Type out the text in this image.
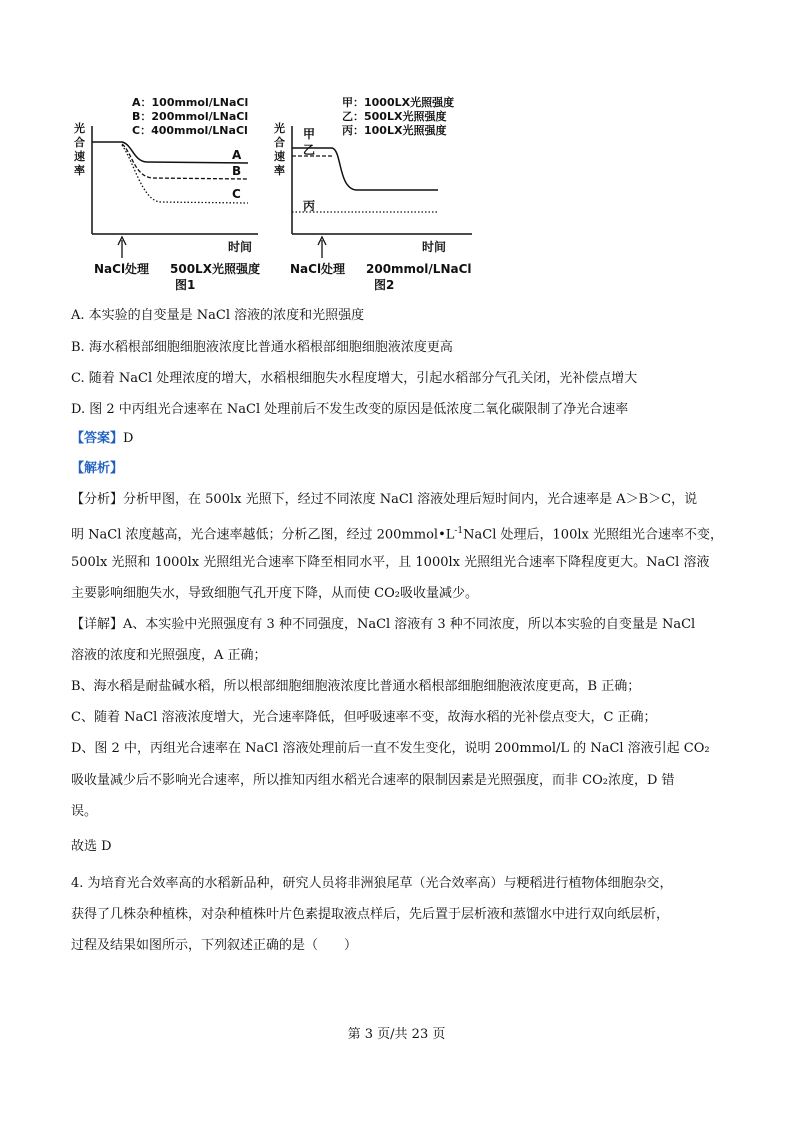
A：100mmol/LNaCl
B：200mmol/LNaCl
C：400mmol/LNaCl
光
合
速
率
A
B
C
时间
NaCl处理 500LX光照强度
图1
甲：1000LX光照强度
乙：500LX光照强度
丙：100LX光照强度
光
合
速
率
甲
乙
丙
时间
NaCl处理 200mmol/LNaCl
图2
A. 本实验的自变量是 NaCl 溶液的浓度和光照强度
B. 海水稻根部细胞细胞液浓度比普通水稻根部细胞细胞液浓度更高
C. 随着 NaCl 处理浓度的增大，水稻根细胞失水程度增大，引起水稻部分气孔关闭，光补偿点增大
D. 图 2 中丙组光合速率在 NaCl 处理前后不发生改变的原因是低浓度二氧化碳限制了净光合速率
【答案】D
【解析】
【分析】分析甲图，在 500lx 光照下，经过不同浓度 NaCl 溶液处理后短时间内，光合速率是 A＞B＞C，说
明 NaCl 浓度越高，光合速率越低；分析乙图，经过 $200mmol•L^{-1}NaCl$ 处理后，100lx 光照组光合速率不变，
500lx 光照和 1000lx 光照组光合速率下降至相同水平，且 1000lx 光照组光合速率下降程度更大。NaCl 溶液
主要影响细胞失水，导致细胞气孔开度下降，从而使 CO₂吸收量减少。
【详解】A、本实验中光照强度有 3 种不同强度，NaCl 溶液有 3 种不同浓度，所以本实验的自变量是 NaCl
溶液的浓度和光照强度，A 正确；
B、海水稻是耐盐碱水稻，所以根部细胞细胞液浓度比普通水稻根部细胞细胞液浓度更高，B 正确；
C、随着 NaCl 溶液浓度增大，光合速率降低，但呼吸速率不变，故海水稻的光补偿点变大，C 正确；
D、图 2 中，丙组光合速率在 NaCl 溶液处理前后一直不发生变化，说明 200mmol/L 的 NaCl 溶液引起 CO₂
吸收量减少后不影响光合速率，所以推知丙组水稻光合速率的限制因素是光照强度，而非 CO₂浓度，D 错
误。
故选 D
4. 为培育光合效率高的水稻新品种，研究人员将非洲狼尾草（光合效率高）与粳稻进行植物体细胞杂交，
获得了几株杂种植株，对杂种植株叶片色素提取液点样后，先后置于层析液和蒸馏水中进行双向纸层析，
过程及结果如图所示，下列叙述正确的是（　　）
第 3 页/共 23 页
